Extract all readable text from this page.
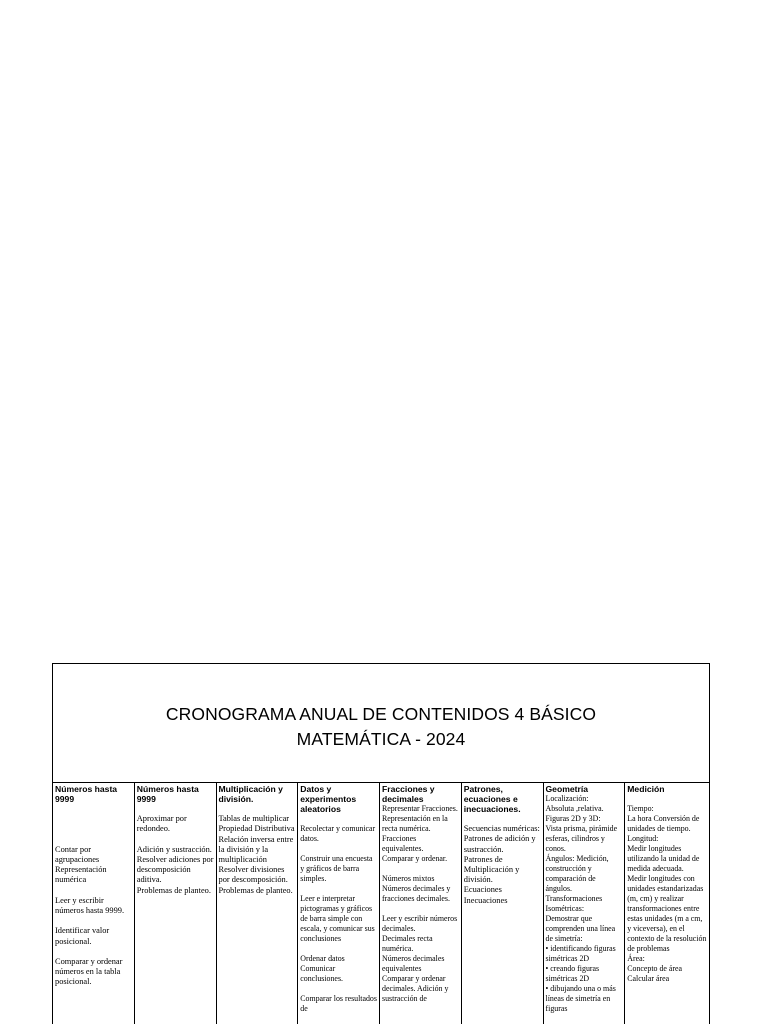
CRONOGRAMA ANUAL DE CONTENIDOS 4 BÁSICO
MATEMÁTICA - 2024
Números hasta 9999

Contar por agrupaciones
Representación numérica

Leer y escribir números hasta 9999.

Identificar valor posicional.

Comparar y ordenar números en la tabla posicional.
Números hasta 9999

Aproximar por redondeo.

Adición y sustracción.
Resolver adiciones por descomposición aditiva.
Problemas de planteo.
Multiplicación y división.

Tablas de multiplicar
Propiedad Distributiva
Relación inversa entre la división y la multiplicación
Resolver divisiones por descomposición.
Problemas de planteo.
Datos y experimentos aleatorios

Recolectar y comunicar datos.

Construir una encuesta y gráficos de barra simples.

Leer e interpretar pictogramas y gráficos de barra simple con escala, y comunicar sus conclusiones

Ordenar datos
Comunicar conclusiones.

Comparar los resultados de
Fracciones y decimales
Representar Fracciones.
Representación en la recta numérica.
Fracciones equivalentes.
Comparar y ordenar.

Números mixtos
Números decimales y fracciones decimales.

Leer y escribir números decimales.
Decimales recta numérica.
Números decimales equivalentes
Comparar y ordenar decimales. Adición y sustracción de
Patrones, ecuaciones e inecuaciones.

Secuencias numéricas:
Patrones de adición y sustracción.
Patrones de Multiplicación y división.
Ecuaciones
Inecuaciones
Geometría
Localización:
Absoluta ,relativa.
Figuras 2D y 3D:
Vista prisma, pirámide esferas, cilindros y conos.
Ángulos: Medición, construcción y comparación de ángulos.
Transformaciones Isométricas:
Demostrar que comprenden una línea de simetría:
• identificando figuras simétricas 2D
• creando figuras simétricas 2D
• dibujando una o más líneas de simetría en figuras
Medición

Tiempo:
La hora Conversión de unidades de tiempo.
Longitud:
Medir longitudes utilizando la unidad de medida adecuada.
Medir longitudes con unidades estandarizadas (m, cm) y realizar transformaciones entre estas unidades (m a cm, y viceversa), en el contexto de la resolución de problemas
Área:
Concepto de área
Calcular área
